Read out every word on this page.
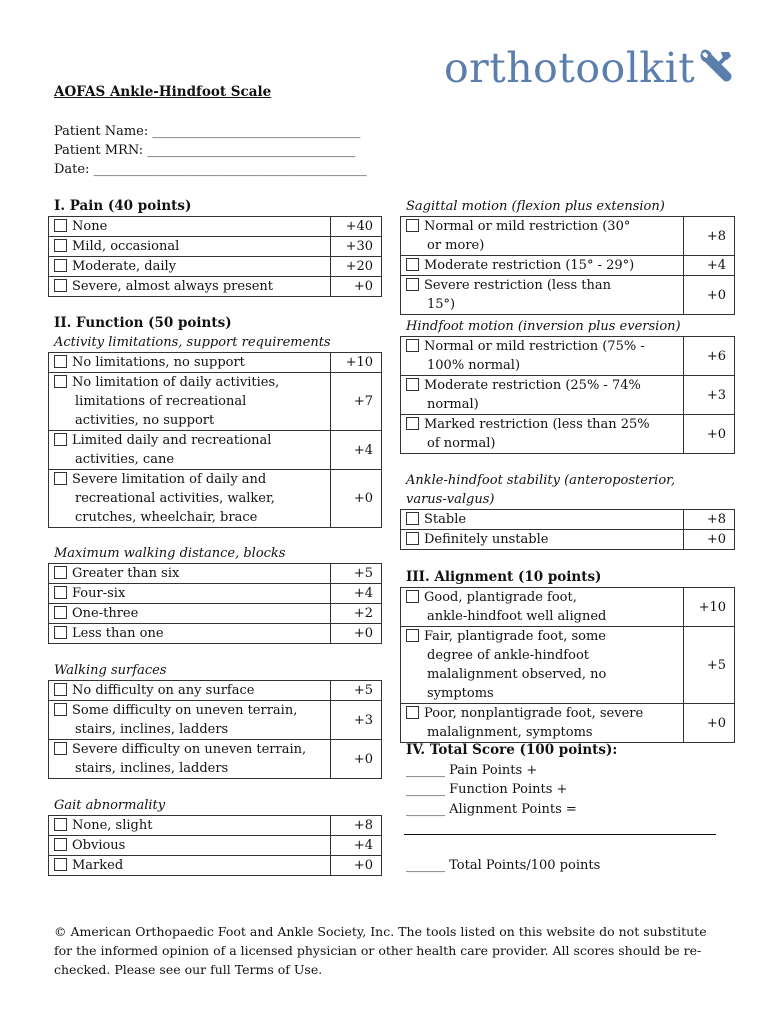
orthotoolkit
AOFAS Ankle-Hindfoot Scale
Patient Name: ________________________________
Patient MRN: ________________________________
Date: __________________________________________
I. Pain (40 points)
None	+40

Mild, occasional	+30

Moderate, daily	+20

Severe, almost always present	+0
II. Function (50 points)
Activity limitations, support requirements
No limitations, no support	+10

No limitation of daily activities,
limitations of recreational
activities, no support	+7

Limited daily and recreational
activities, cane	+4

Severe limitation of daily and
recreational activities, walker,
crutches, wheelchair, brace	+0
Maximum walking distance, blocks
Greater than six	+5

Four-six	+4

One-three	+2

Less than one	+0
Walking surfaces
No difficulty on any surface	+5

Some difficulty on uneven terrain,
stairs, inclines, ladders	+3

Severe difficulty on uneven terrain,
stairs, inclines, ladders	+0
Gait abnormality
None, slight	+8

Obvious	+4

Marked	+0
Sagittal motion (flexion plus extension)
Normal or mild restriction (30°
or more)	+8

Moderate restriction (15° - 29°)	+4

Severe restriction (less than
15°)	+0
Hindfoot motion (inversion plus eversion)
Normal or mild restriction (75% -
100% normal)	+6

Moderate restriction (25% - 74%
normal)	+3

Marked restriction (less than 25%
of normal)	+0
Ankle-hindfoot stability (anteroposterior, varus-valgus)
Stable	+8

Definitely unstable	+0
III. Alignment (10 points)
Good, plantigrade foot,
ankle-hindfoot well aligned	+10

Fair, plantigrade foot, some
degree of ankle-hindfoot
malalignment observed, no
symptoms	+5

Poor, nonplantigrade foot, severe
malalignment, symptoms	+0
IV. Total Score (100 points):
______ Pain Points +
______ Function Points +
______ Alignment Points =
______ Total Points/100 points
© American Orthopaedic Foot and Ankle Society, Inc. The tools listed on this website do not substitute for the informed opinion of a licensed physician or other health care provider. All scores should be re-checked. Please see our full Terms of Use.
